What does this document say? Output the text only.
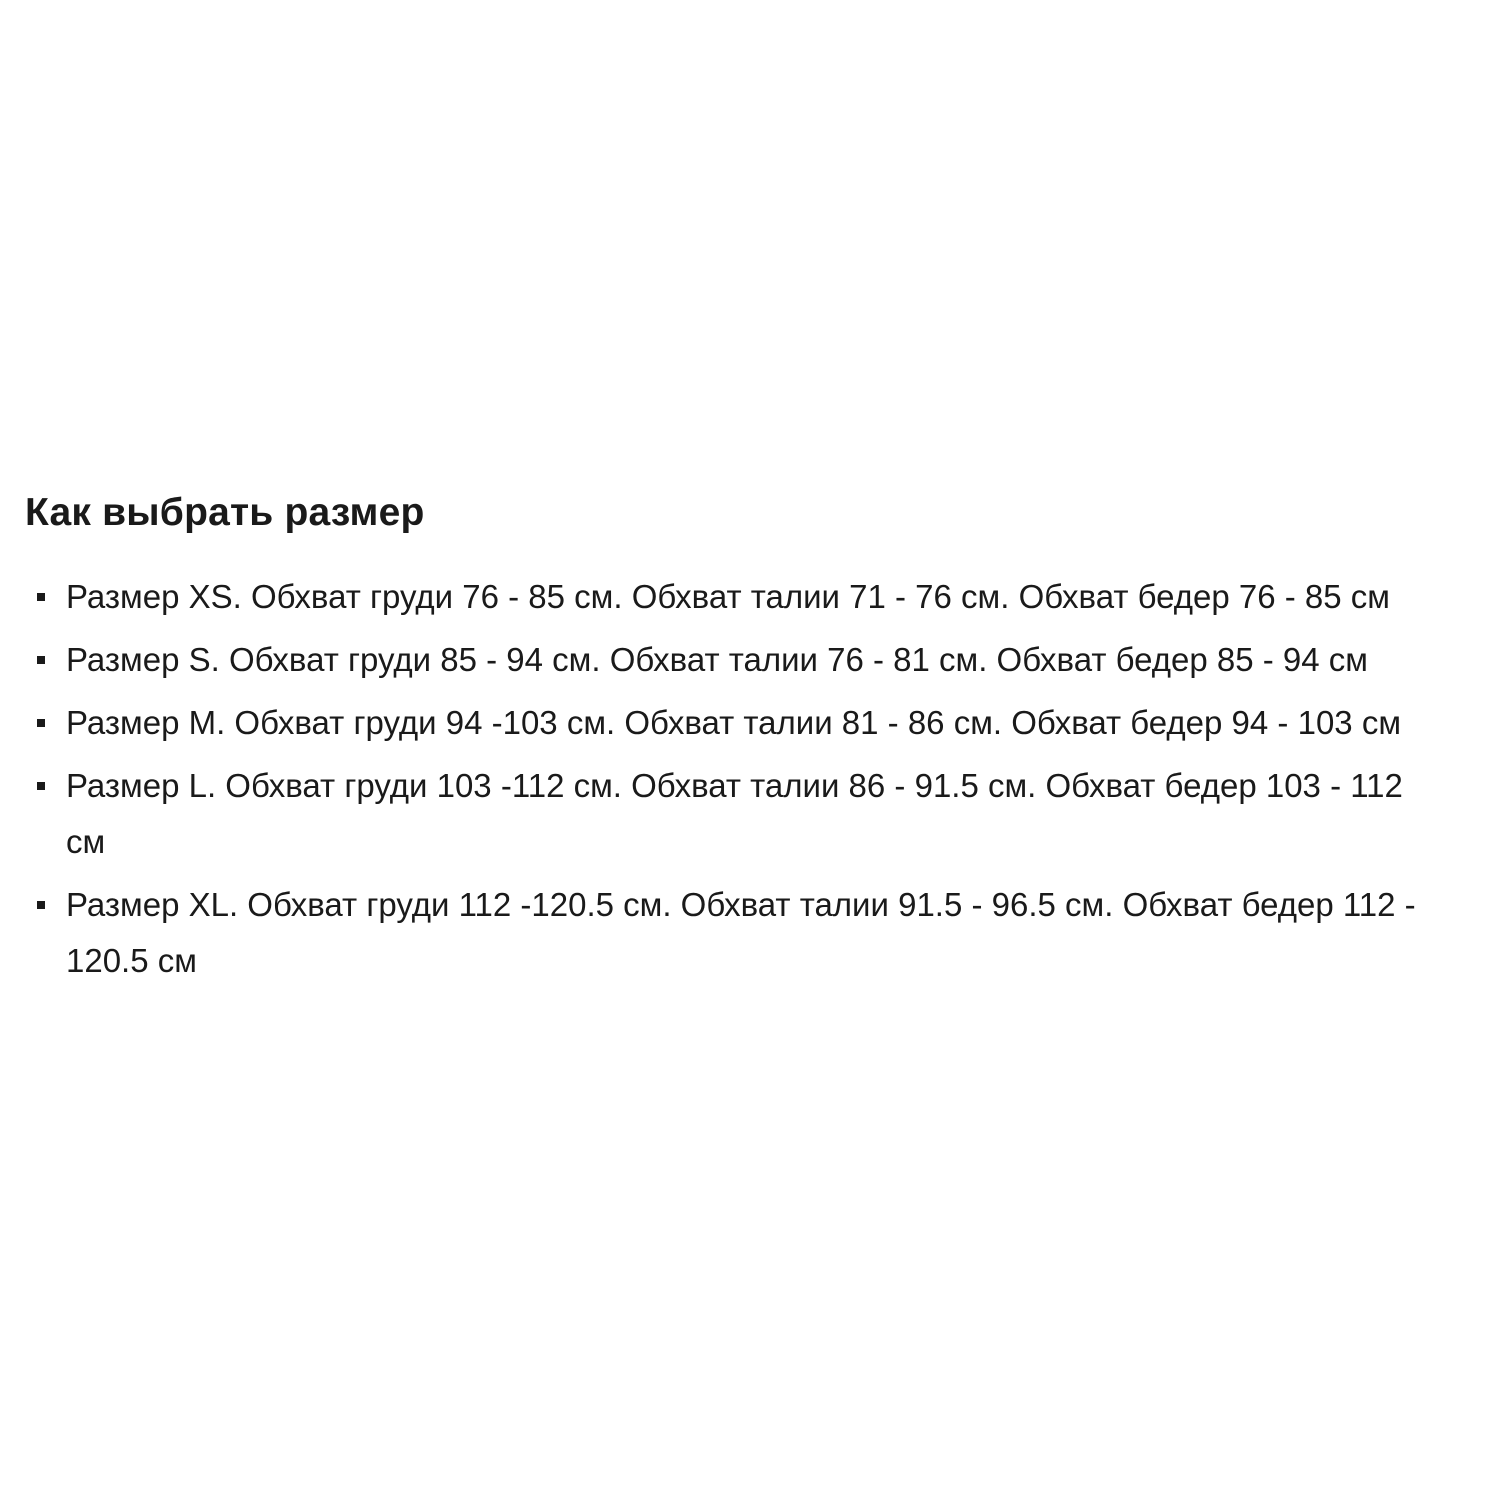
Как выбрать размер
Размер XS. Обхват груди 76 - 85 см. Обхват талии 71 - 76 см. Обхват бедер 76 - 85 см
Размер S. Обхват груди 85 - 94 см. Обхват талии 76 - 81 см. Обхват бедер 85 - 94 см
Размер M. Обхват груди 94 -103 см. Обхват талии 81 - 86 см. Обхват бедер 94 - 103 см
Размер L. Обхват груди 103 -112 см. Обхват талии 86 - 91.5 см. Обхват бедер 103 - 112 см
Размер XL. Обхват груди 112 -120.5 см. Обхват талии 91.5 - 96.5 см. Обхват бедер 112 - 120.5 см
